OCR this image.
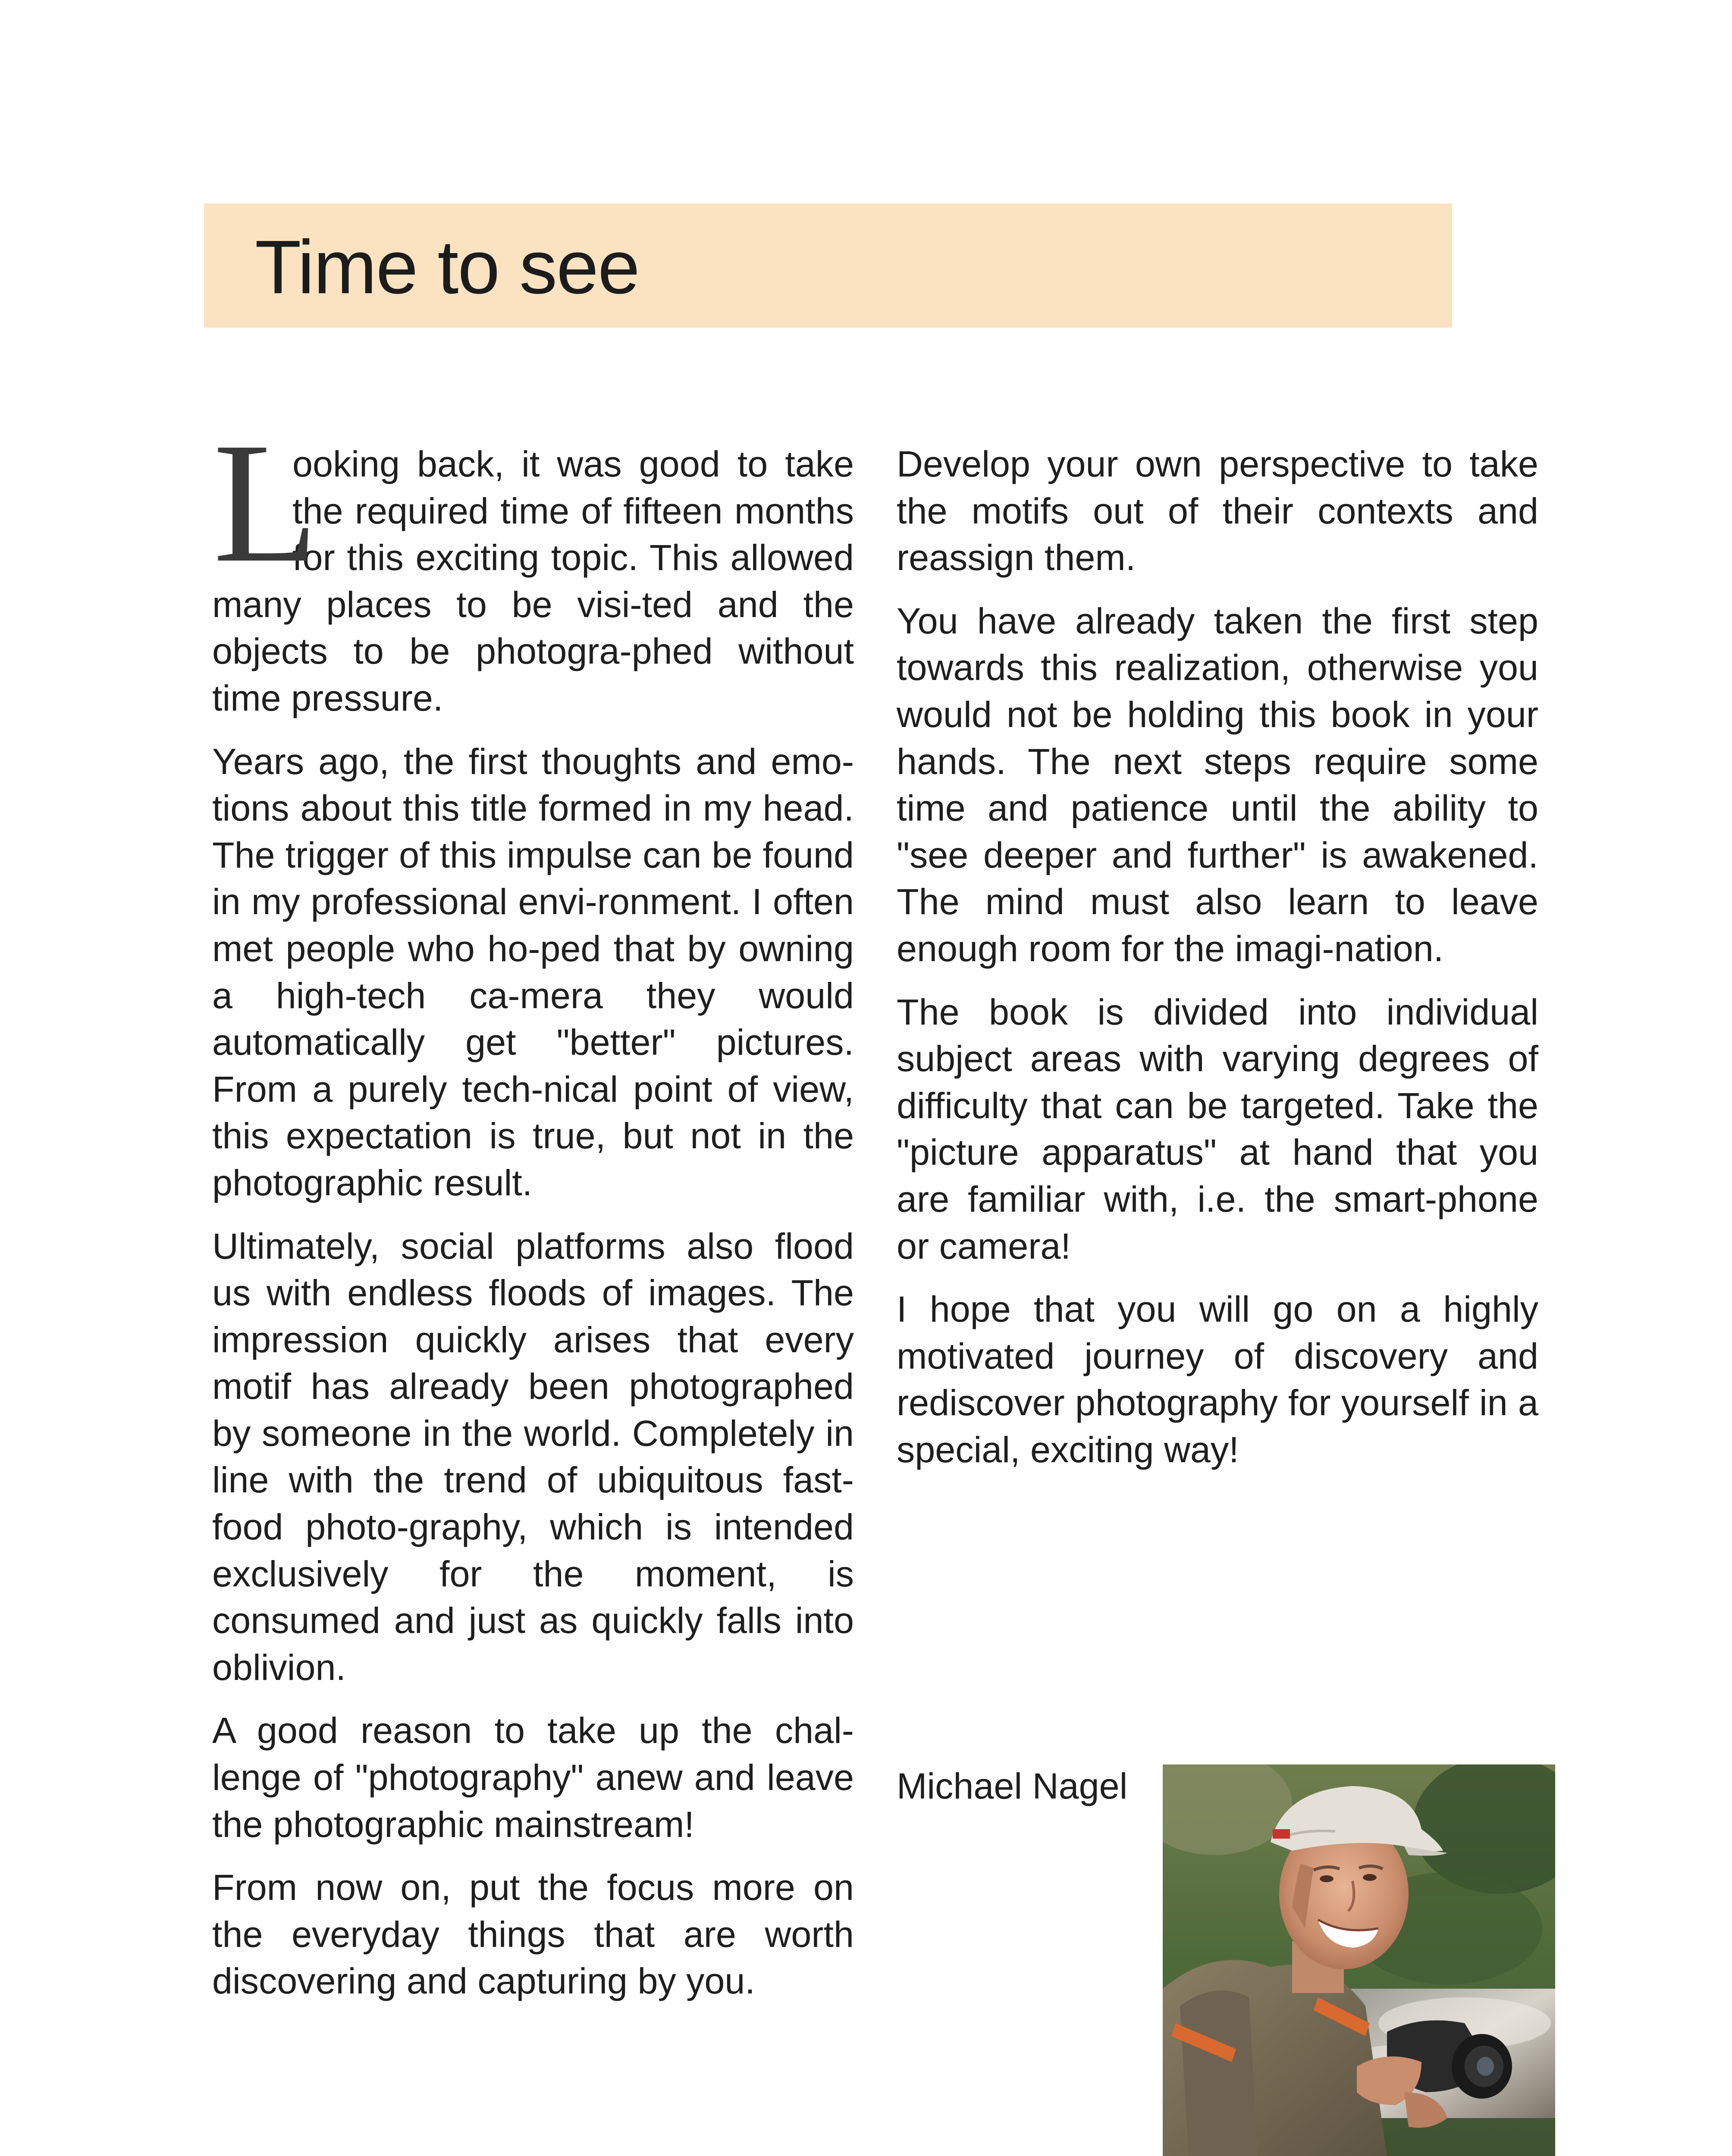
Time to see

L
ooking back, it was good to take the required time of fifteen months for this exciting topic. This allowed many places to be visi-ted and the objects to be photogra-phed without time pressure.

Years ago, the first thoughts and emo-tions about this title formed in my head. The trigger of this impulse can be found in my professional envi-ronment. I often met people who ho-ped that by owning a high-tech ca-mera they would automatically get "better" pictures. From a purely tech-nical point of view, this expectation is true, but not in the photographic result.

Ultimately, social platforms also flood us with endless floods of images. The impression quickly arises that every motif has already been photographed by someone in the world. Completely in line with the trend of ubiquitous fast-food photo-graphy, which is intended exclusively for the moment, is consumed and just as quickly falls into oblivion.

A good reason to take up the chal-lenge of "photography" anew and leave the photographic mainstream!

From now on, put the focus more on the everyday things that are worth discovering and capturing by you.

Develop your own perspective to take the motifs out of their contexts and reassign them.

You have already taken the first step towards this realization, otherwise you would not be holding this book in your hands. The next steps require some time and patience until the ability to "see deeper and further" is awakened. The mind must also learn to leave enough room for the imagi-nation.

The book is divided into individual subject areas with varying degrees of difficulty that can be targeted. Take the "picture apparatus" at hand that you are familiar with, i.e. the smart-phone or camera!

I hope that you will go on a highly motivated journey of discovery and rediscover photography for yourself in a special, exciting way!

Michael Nagel
